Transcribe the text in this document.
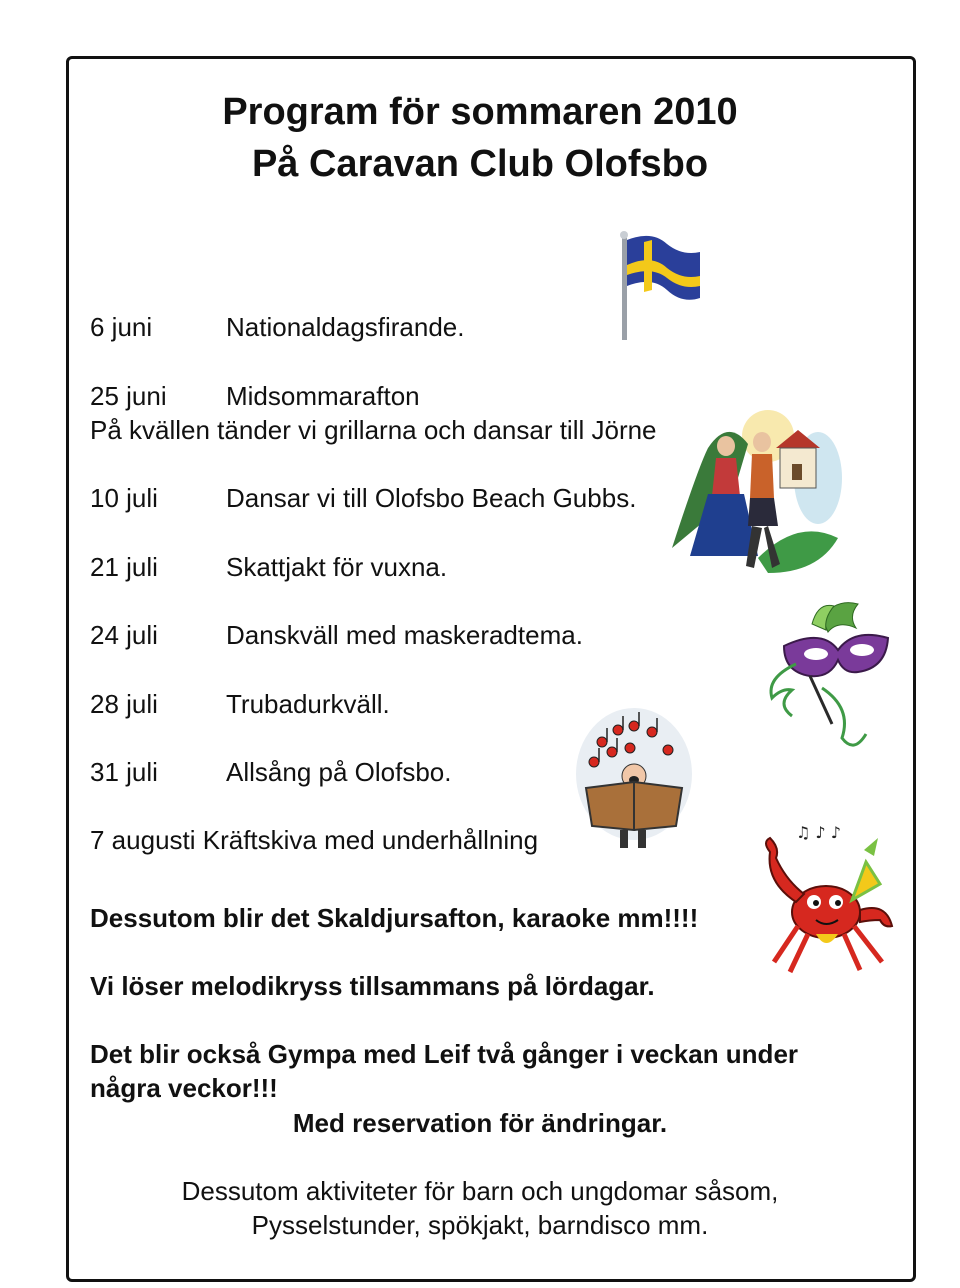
Program för sommaren 2010
På Caravan Club Olofsbo
6 juni	Nationaldagsfirande.
25 juni Midsommarafton
På kvällen tänder vi grillarna och dansar till Jörne
10 juli	Dansar vi till Olofsbo Beach Gubbs.
21 juli	Skattjakt för vuxna.
24 juli	Danskväll med maskeradtema.
28 juli	Trubadurkväll.
31 juli	Allsång på Olofsbo.
7 augusti Kräftskiva med underhållning	♫ ♪ ♪
Dessutom blir det Skaldjursafton, karaoke mm!!!!
Vi löser melodikryss tillsammans på lördagar.
Det blir också Gympa med Leif två gånger i veckan under
några veckor!!!
Med reservation för ändringar.
Dessutom aktiviteter för barn och ungdomar såsom,
Pysselstunder, spökjakt, barndisco mm.
